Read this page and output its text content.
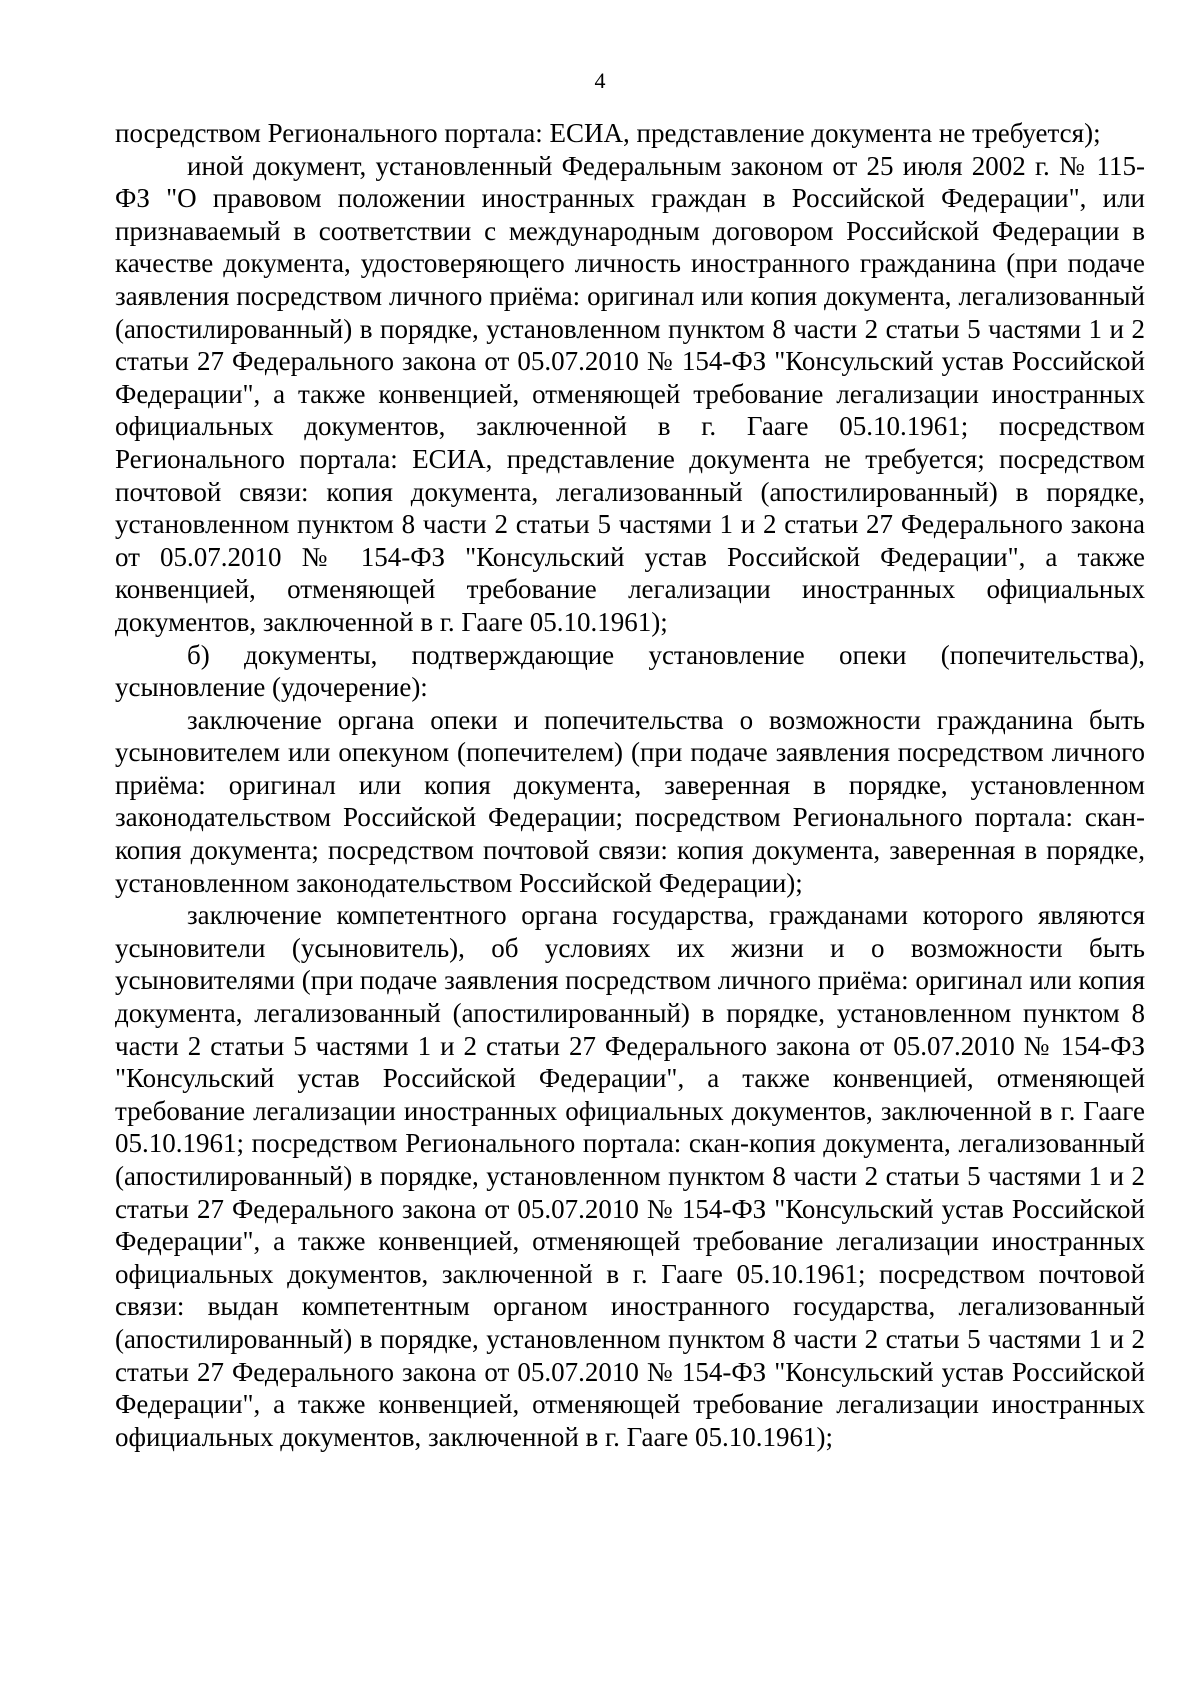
4

посредством Регионального портала: ЕСИА, представление документа не требуется);

иной документ, установленный Федеральным законом от 25 июля 2002 г. № 115-ФЗ "О правовом положении иностранных граждан в Российской Федерации", или признаваемый в соответствии с международным договором Российской Федерации в качестве документа, удостоверяющего личность иностранного гражданина (при подаче заявления посредством личного приёма: оригинал или копия документа, легализованный (апостилированный) в порядке, установленном пунктом 8 части 2 статьи 5 частями 1 и 2 статьи 27 Федерального закона от 05.07.2010 № 154-ФЗ "Консульский устав Российской Федерации", а также конвенцией, отменяющей требование легализации иностранных официальных документов, заключенной в г. Гааге 05.10.1961; посредством Регионального портала: ЕСИА, представление документа не требуется; посредством почтовой связи: копия документа, легализованный (апостилированный) в порядке, установленном пунктом 8 части 2 статьи 5 частями 1 и 2 статьи 27 Федерального закона от 05.07.2010 № 154-ФЗ "Консульский устав Российской Федерации", а также конвенцией, отменяющей требование легализации иностранных официальных документов, заключенной в г. Гааге 05.10.1961);

б) документы, подтверждающие установление опеки (попечительства), усыновление (удочерение):

заключение органа опеки и попечительства о возможности гражданина быть усыновителем или опекуном (попечителем) (при подаче заявления посредством личного приёма: оригинал или копия документа, заверенная в порядке, установленном законодательством Российской Федерации; посредством Регионального портала: скан-копия документа; посредством почтовой связи: копия документа, заверенная в порядке, установленном законодательством Российской Федерации);

заключение компетентного органа государства, гражданами которого являются усыновители (усыновитель), об условиях их жизни и о возможности быть усыновителями (при подаче заявления посредством личного приёма: оригинал или копия документа, легализованный (апостилированный) в порядке, установленном пунктом 8 части 2 статьи 5 частями 1 и 2 статьи 27 Федерального закона от 05.07.2010 № 154-ФЗ "Консульский устав Российской Федерации", а также конвенцией, отменяющей требование легализации иностранных официальных документов, заключенной в г. Гааге 05.10.1961; посредством Регионального портала: скан-копия документа, легализованный (апостилированный) в порядке, установленном пунктом 8 части 2 статьи 5 частями 1 и 2 статьи 27 Федерального закона от 05.07.2010 № 154-ФЗ "Консульский устав Российской Федерации", а также конвенцией, отменяющей требование легализации иностранных официальных документов, заключенной в г. Гааге 05.10.1961; посредством почтовой связи: выдан компетентным органом иностранного государства, легализованный (апостилированный) в порядке, установленном пунктом 8 части 2 статьи 5 частями 1 и 2 статьи 27 Федерального закона от 05.07.2010 № 154-ФЗ "Консульский устав Российской Федерации", а также конвенцией, отменяющей требование легализации иностранных официальных документов, заключенной в г. Гааге 05.10.1961);
